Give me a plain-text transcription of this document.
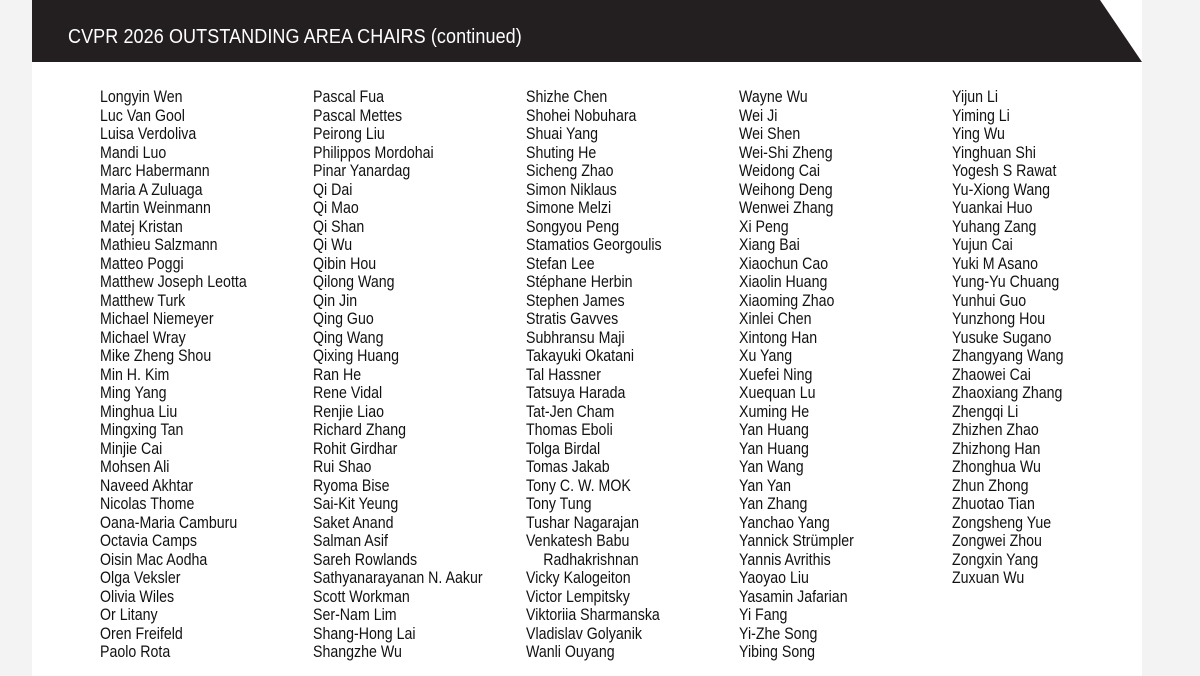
CVPR 2026 OUTSTANDING AREA CHAIRS (continued)
Longyin Wen
Luc Van Gool
Luisa Verdoliva
Mandi Luo
Marc Habermann
Maria A Zuluaga
Martin Weinmann
Matej Kristan
Mathieu Salzmann
Matteo Poggi
Matthew Joseph Leotta
Matthew Turk
Michael Niemeyer
Michael Wray
Mike Zheng Shou
Min H. Kim
Ming Yang
Minghua Liu
Mingxing Tan
Minjie Cai
Mohsen Ali
Naveed Akhtar
Nicolas Thome
Oana-Maria Camburu
Octavia Camps
Oisin Mac Aodha
Olga Veksler
Olivia Wiles
Or Litany
Oren Freifeld
Paolo Rota
Pascal Fua
Pascal Mettes
Peirong Liu
Philippos Mordohai
Pinar Yanardag
Qi Dai
Qi Mao
Qi Shan
Qi Wu
Qibin Hou
Qilong Wang
Qin Jin
Qing Guo
Qing Wang
Qixing Huang
Ran He
Rene Vidal
Renjie Liao
Richard Zhang
Rohit Girdhar
Rui Shao
Ryoma Bise
Sai-Kit Yeung
Saket Anand
Salman Asif
Sareh Rowlands
Sathyanarayanan N. Aakur
Scott Workman
Ser-Nam Lim
Shang-Hong Lai
Shangzhe Wu
Shizhe Chen
Shohei Nobuhara
Shuai Yang
Shuting He
Sicheng Zhao
Simon Niklaus
Simone Melzi
Songyou Peng
Stamatios Georgoulis
Stefan Lee
Stéphane Herbin
Stephen James
Stratis Gavves
Subhransu Maji
Takayuki Okatani
Tal Hassner
Tatsuya Harada
Tat-Jen Cham
Thomas Eboli
Tolga Birdal
Tomas Jakab
Tony C. W. MOK
Tony Tung
Tushar Nagarajan
Venkatesh Babu
Radhakrishnan
Vicky Kalogeiton
Victor Lempitsky
Viktoriia Sharmanska
Vladislav Golyanik
Wanli Ouyang
Wayne Wu
Wei Ji
Wei Shen
Wei-Shi Zheng
Weidong Cai
Weihong Deng
Wenwei Zhang
Xi Peng
Xiang Bai
Xiaochun Cao
Xiaolin Huang
Xiaoming Zhao
Xinlei Chen
Xintong Han
Xu Yang
Xuefei Ning
Xuequan Lu
Xuming He
Yan Huang
Yan Huang
Yan Wang
Yan Yan
Yan Zhang
Yanchao Yang
Yannick Strümpler
Yannis Avrithis
Yaoyao Liu
Yasamin Jafarian
Yi Fang
Yi-Zhe Song
Yibing Song
Yijun Li
Yiming Li
Ying Wu
Yinghuan Shi
Yogesh S Rawat
Yu-Xiong Wang
Yuankai Huo
Yuhang Zang
Yujun Cai
Yuki M Asano
Yung-Yu Chuang
Yunhui Guo
Yunzhong Hou
Yusuke Sugano
Zhangyang Wang
Zhaowei Cai
Zhaoxiang Zhang
Zhengqi Li
Zhizhen Zhao
Zhizhong Han
Zhonghua Wu
Zhun Zhong
Zhuotao Tian
Zongsheng Yue
Zongwei Zhou
Zongxin Yang
Zuxuan Wu
